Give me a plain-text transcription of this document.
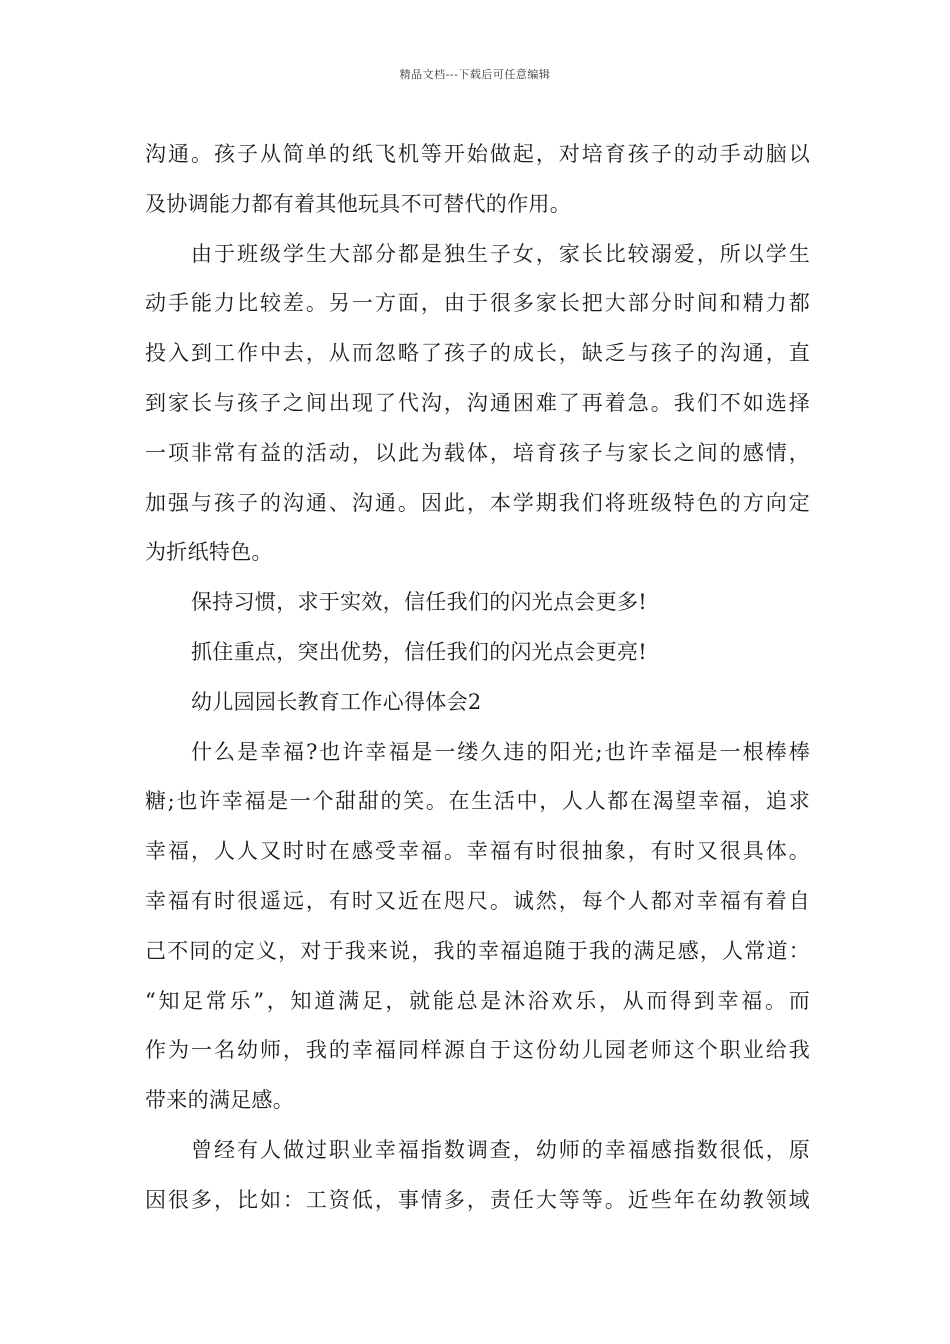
精品文档---下载后可任意编辑
沟通。孩子从简单的纸飞机等开始做起，对培育孩子的动手动脑以
及协调能力都有着其他玩具不可替代的作用。
由于班级学生大部分都是独生子女，家长比较溺爱，所以学生
动手能力比较差。另一方面，由于很多家长把大部分时间和精力都
投入到工作中去，从而忽略了孩子的成长，缺乏与孩子的沟通，直
到家长与孩子之间出现了代沟，沟通困难了再着急。我们不如选择
一项非常有益的活动，以此为载体，培育孩子与家长之间的感情，
加强与孩子的沟通、沟通。因此，本学期我们将班级特色的方向定
为折纸特色。
保持习惯，求于实效，信任我们的闪光点会更多!
抓住重点，突出优势，信任我们的闪光点会更亮!
幼儿园园长教育工作心得体会2
什么是幸福?也许幸福是一缕久违的阳光;也许幸福是一根棒棒
糖;也许幸福是一个甜甜的笑。在生活中，人人都在渴望幸福，追求
幸福，人人又时时在感受幸福。幸福有时很抽象，有时又很具体。
幸福有时很遥远，有时又近在咫尺。诚然，每个人都对幸福有着自
己不同的定义，对于我来说，我的幸福追随于我的满足感，人常道：
“知足常乐”，知道满足，就能总是沐浴欢乐，从而得到幸福。而
作为一名幼师，我的幸福同样源自于这份幼儿园老师这个职业给我
带来的满足感。
曾经有人做过职业幸福指数调查，幼师的幸福感指数很低，原
因很多，比如：工资低，事情多，责任大等等。近些年在幼教领域
